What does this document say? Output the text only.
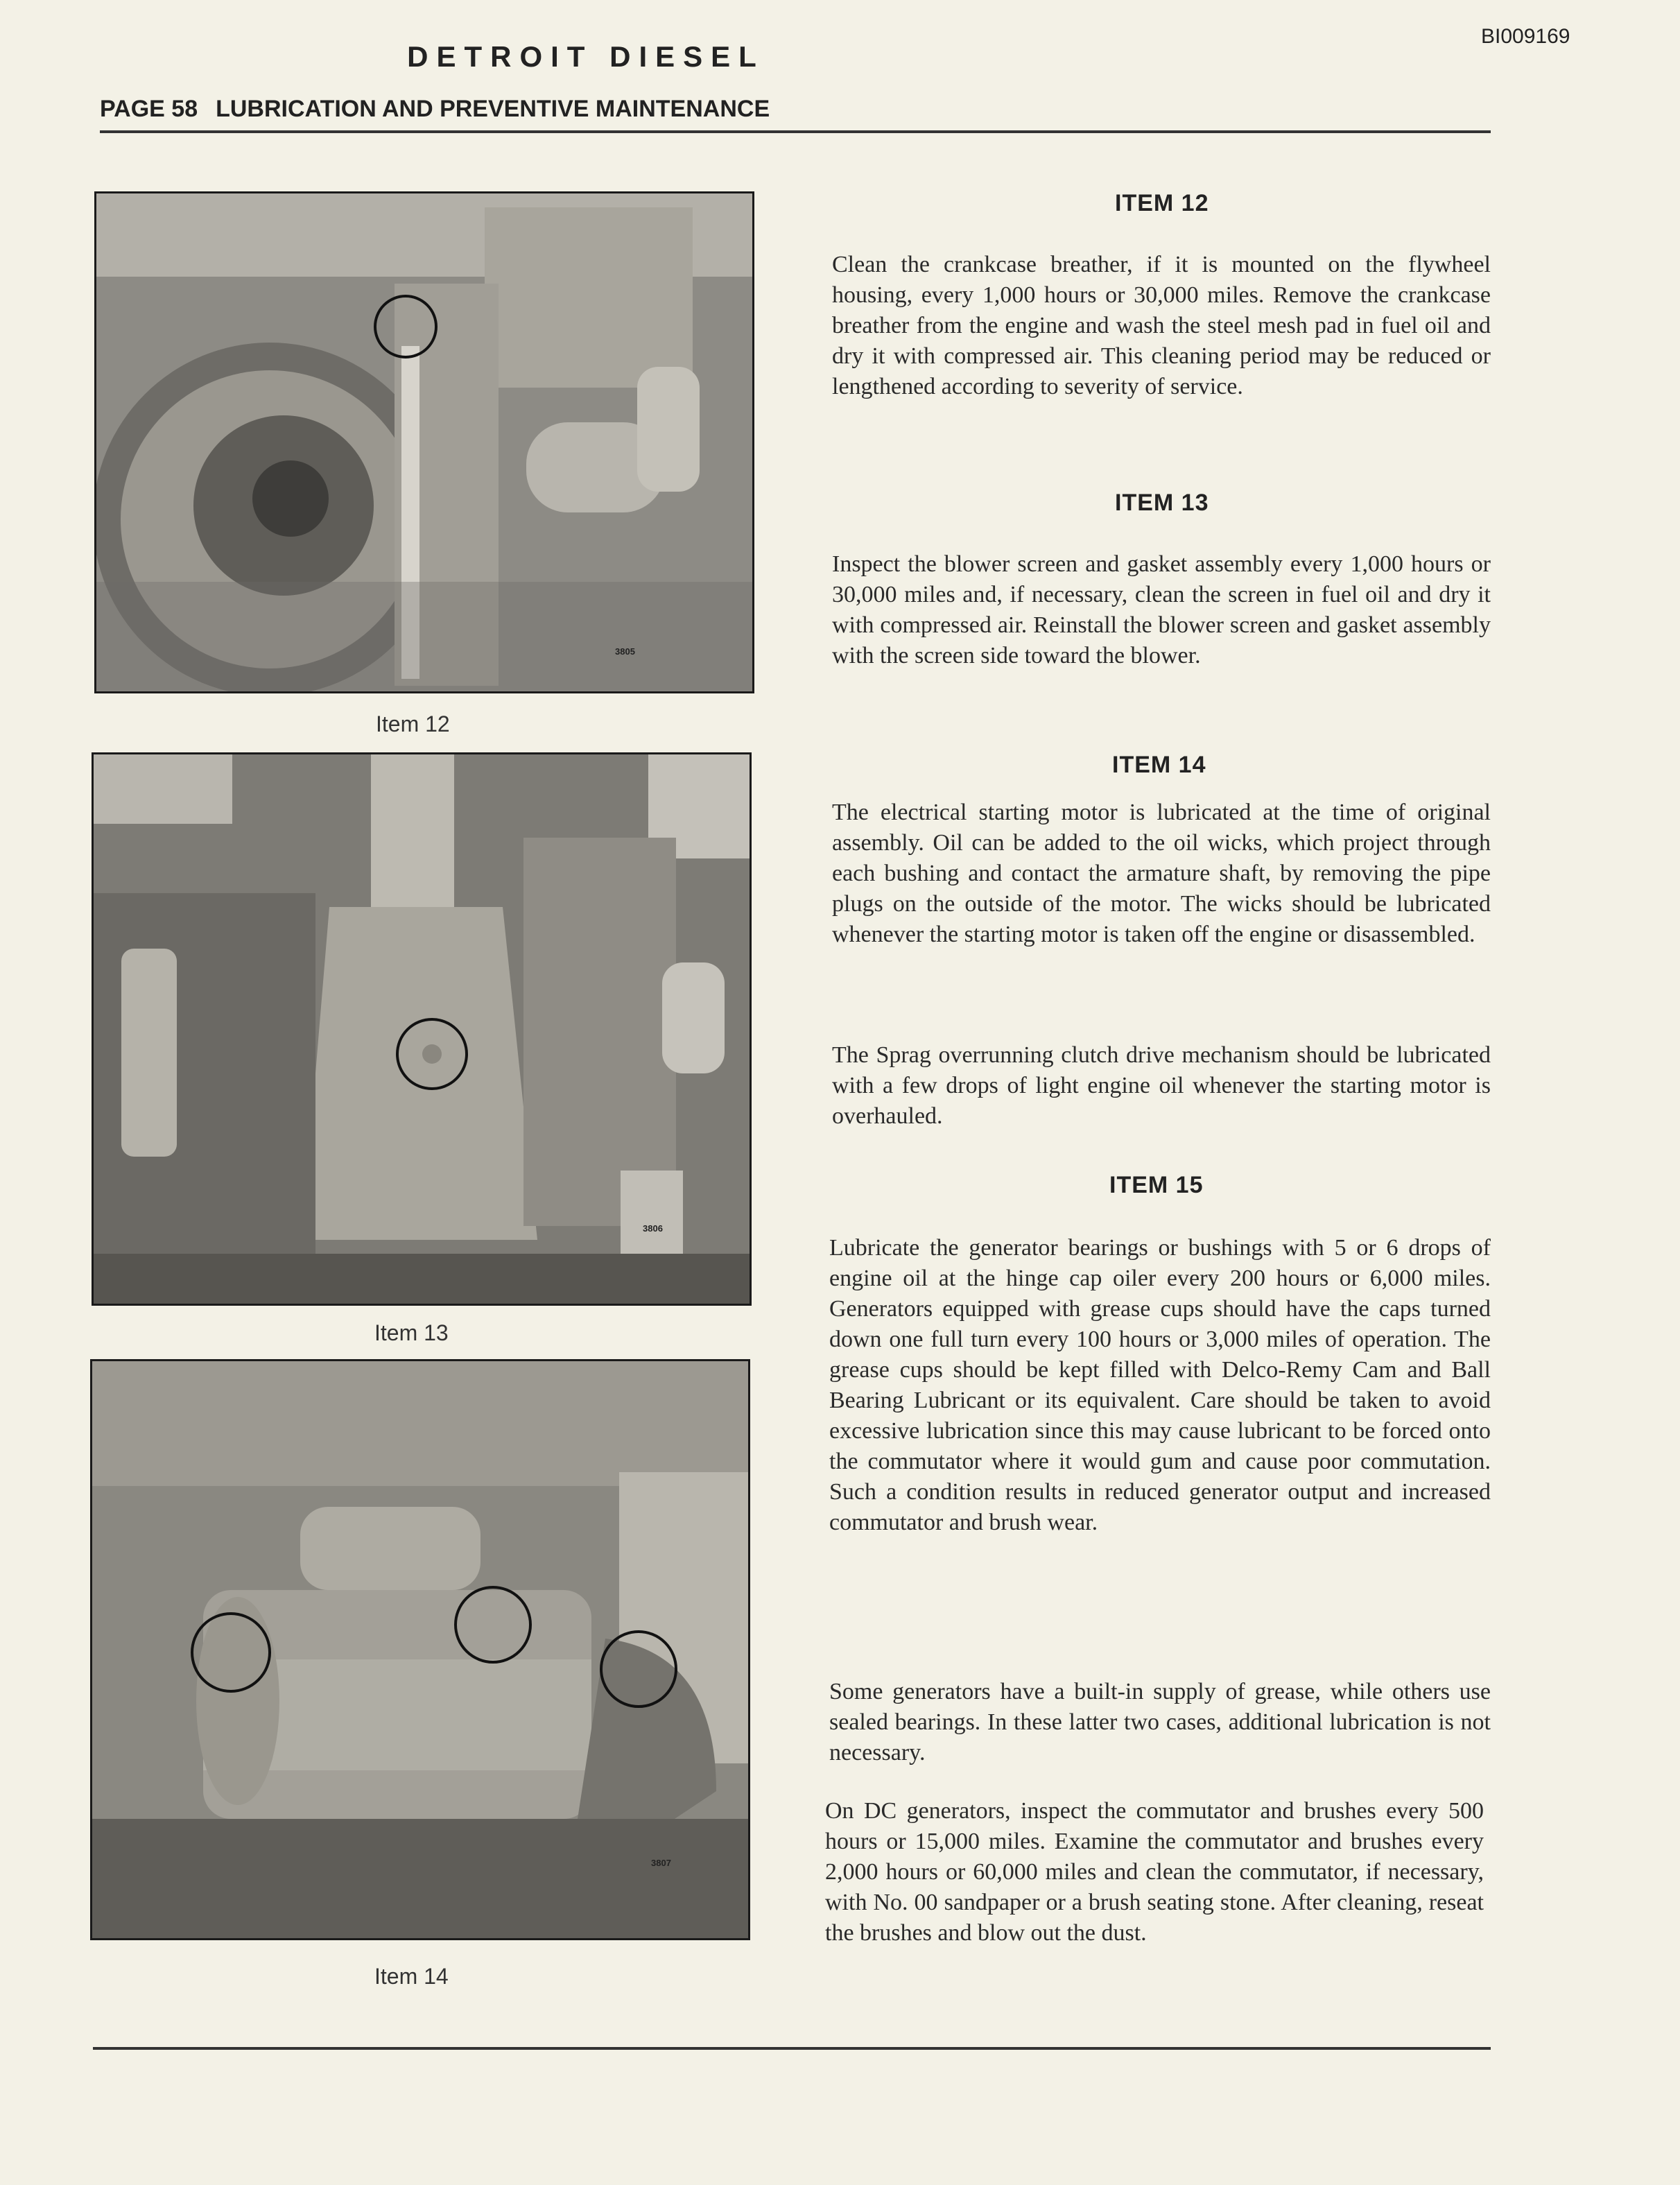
BI009169
DETROIT DIESEL
PAGE 58 LUBRICATION AND PREVENTIVE MAINTENANCE
3805
Item 12
3806
Item 13
3807
Item 14
ITEM 12
Clean the crankcase breather, if it is mounted on the flywheel housing, every 1,000 hours or 30,000 miles. Remove the crankcase breather from the engine and wash the steel mesh pad in fuel oil and dry it with compressed air. This cleaning period may be reduced or lengthened according to severity of service.
ITEM 13
Inspect the blower screen and gasket assembly every 1,000 hours or 30,000 miles and, if necessary, clean the screen in fuel oil and dry it with compressed air. Reinstall the blower screen and gasket assembly with the screen side toward the blower.
ITEM 14
The electrical starting motor is lubricated at the time of original assembly. Oil can be added to the oil wicks, which project through each bushing and contact the armature shaft, by removing the pipe plugs on the outside of the motor. The wicks should be lubricated whenever the starting motor is taken off the engine or disassembled.
The Sprag overrunning clutch drive mechanism should be lubricated with a few drops of light engine oil whenever the starting motor is overhauled.
ITEM 15
Lubricate the generator bearings or bushings with 5 or 6 drops of engine oil at the hinge cap oiler every 200 hours or 6,000 miles. Generators equipped with grease cups should have the caps turned down one full turn every 100 hours or 3,000 miles of operation. The grease cups should be kept filled with Delco-Remy Cam and Ball Bearing Lubricant or its equivalent. Care should be taken to avoid excessive lubrication since this may cause lubricant to be forced onto the commutator where it would gum and cause poor commutation. Such a condition results in reduced generator output and increased commutator and brush wear.
Some generators have a built-in supply of grease, while others use sealed bearings. In these latter two cases, additional lubrication is not necessary.
On DC generators, inspect the commutator and brushes every 500 hours or 15,000 miles. Examine the commutator and brushes every 2,000 hours or 60,000 miles and clean the commutator, if necessary, with No. 00 sandpaper or a brush seating stone. After cleaning, reseat the brushes and blow out the dust.
